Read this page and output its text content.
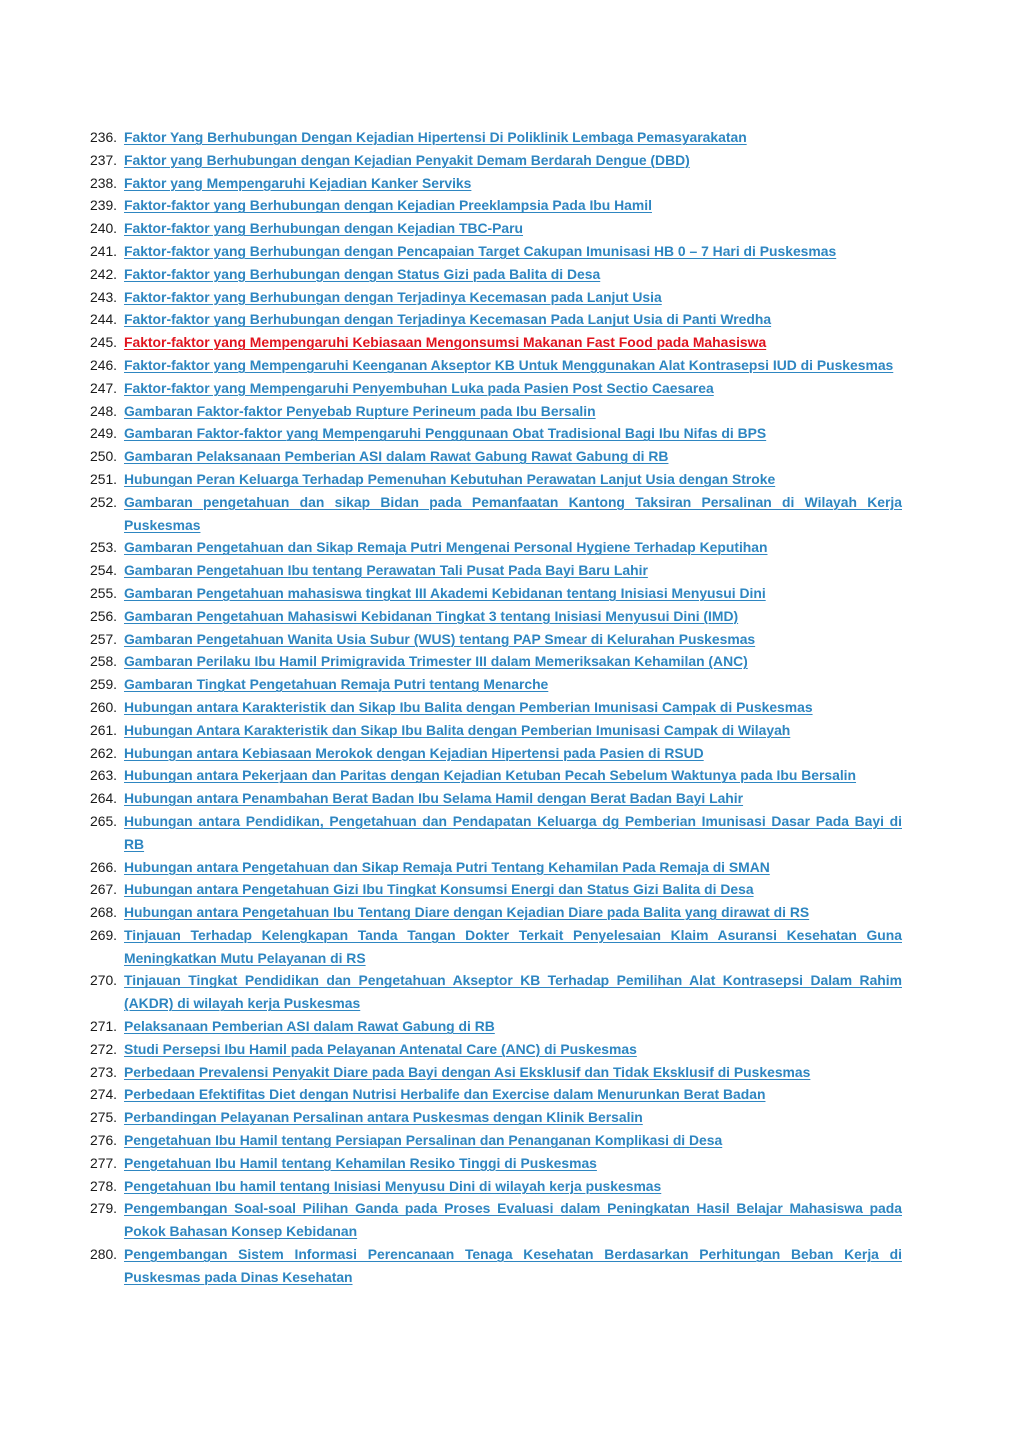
236. Faktor Yang Berhubungan Dengan Kejadian Hipertensi Di Poliklinik Lembaga Pemasyarakatan
237. Faktor yang Berhubungan dengan Kejadian Penyakit Demam Berdarah Dengue (DBD)
238. Faktor yang Mempengaruhi Kejadian Kanker Serviks
239. Faktor-faktor yang Berhubungan dengan Kejadian Preeklampsia Pada Ibu Hamil
240. Faktor-faktor yang Berhubungan dengan Kejadian TBC-Paru
241. Faktor-faktor yang Berhubungan dengan Pencapaian Target Cakupan Imunisasi HB 0 – 7 Hari di Puskesmas
242. Faktor-faktor yang Berhubungan dengan Status Gizi pada Balita di Desa
243. Faktor-faktor yang Berhubungan dengan Terjadinya Kecemasan pada Lanjut Usia
244. Faktor-faktor yang Berhubungan dengan Terjadinya Kecemasan Pada Lanjut Usia di Panti Wredha
245. Faktor-faktor yang Mempengaruhi Kebiasaan Mengonsumsi Makanan Fast Food pada Mahasiswa
246. Faktor-faktor yang Mempengaruhi Keenganan Akseptor KB Untuk Menggunakan Alat Kontrasepsi IUD di Puskesmas
247. Faktor-faktor yang Mempengaruhi Penyembuhan Luka pada Pasien Post Sectio Caesarea
248. Gambaran Faktor-faktor Penyebab Rupture Perineum pada Ibu Bersalin
249. Gambaran Faktor-faktor yang Mempengaruhi Penggunaan Obat Tradisional Bagi Ibu Nifas di BPS
250. Gambaran Pelaksanaan Pemberian ASI dalam Rawat Gabung Rawat Gabung di RB
251. Hubungan Peran Keluarga Terhadap Pemenuhan Kebutuhan Perawatan Lanjut Usia dengan Stroke
252. Gambaran pengetahuan dan sikap Bidan pada Pemanfaatan Kantong Taksiran Persalinan di Wilayah Kerja Puskesmas
253. Gambaran Pengetahuan dan Sikap Remaja Putri Mengenai Personal Hygiene Terhadap Keputihan
254. Gambaran Pengetahuan Ibu tentang Perawatan Tali Pusat Pada Bayi Baru Lahir
255. Gambaran Pengetahuan mahasiswa tingkat III Akademi Kebidanan tentang Inisiasi Menyusui Dini
256. Gambaran Pengetahuan Mahasiswi Kebidanan Tingkat 3 tentang Inisiasi Menyusui Dini (IMD)
257. Gambaran Pengetahuan Wanita Usia Subur (WUS) tentang PAP Smear di Kelurahan Puskesmas
258. Gambaran Perilaku Ibu Hamil Primigravida Trimester III dalam Memeriksakan Kehamilan (ANC)
259. Gambaran Tingkat Pengetahuan Remaja Putri tentang Menarche
260. Hubungan antara Karakteristik dan Sikap Ibu Balita dengan Pemberian Imunisasi Campak di Puskesmas
261. Hubungan Antara Karakteristik dan Sikap Ibu Balita dengan Pemberian Imunisasi Campak di Wilayah
262. Hubungan antara Kebiasaan Merokok dengan Kejadian Hipertensi pada Pasien di RSUD
263. Hubungan antara Pekerjaan dan Paritas dengan Kejadian Ketuban Pecah Sebelum Waktunya pada Ibu Bersalin
264. Hubungan antara Penambahan Berat Badan Ibu Selama Hamil dengan Berat Badan Bayi Lahir
265. Hubungan antara Pendidikan, Pengetahuan dan Pendapatan Keluarga dg Pemberian Imunisasi Dasar Pada Bayi di RB
266. Hubungan antara Pengetahuan dan Sikap Remaja Putri Tentang Kehamilan Pada Remaja di SMAN
267. Hubungan antara Pengetahuan Gizi Ibu Tingkat Konsumsi Energi dan Status Gizi Balita di Desa
268. Hubungan antara Pengetahuan Ibu Tentang Diare dengan Kejadian Diare pada Balita yang dirawat di RS
269. Tinjauan Terhadap Kelengkapan Tanda Tangan Dokter Terkait Penyelesaian Klaim Asuransi Kesehatan Guna Meningkatkan Mutu Pelayanan di RS
270. Tinjauan Tingkat Pendidikan dan Pengetahuan Akseptor KB Terhadap Pemilihan Alat Kontrasepsi Dalam Rahim (AKDR) di wilayah kerja Puskesmas
271. Pelaksanaan Pemberian ASI dalam Rawat Gabung di RB
272. Studi Persepsi Ibu Hamil pada Pelayanan Antenatal Care (ANC) di Puskesmas
273. Perbedaan Prevalensi Penyakit Diare pada Bayi dengan Asi Eksklusif dan Tidak Eksklusif di Puskesmas
274. Perbedaan Efektifitas Diet dengan Nutrisi Herbalife dan Exercise dalam Menurunkan Berat Badan
275. Perbandingan Pelayanan Persalinan antara Puskesmas dengan Klinik Bersalin
276. Pengetahuan Ibu Hamil tentang Persiapan Persalinan dan Penanganan Komplikasi di Desa
277. Pengetahuan Ibu Hamil tentang Kehamilan Resiko Tinggi di Puskesmas
278. Pengetahuan Ibu hamil tentang Inisiasi Menyusu Dini di wilayah kerja puskesmas
279. Pengembangan Soal-soal Pilihan Ganda pada Proses Evaluasi dalam Peningkatan Hasil Belajar Mahasiswa pada Pokok Bahasan Konsep Kebidanan
280. Pengembangan Sistem Informasi Perencanaan Tenaga Kesehatan Berdasarkan Perhitungan Beban Kerja di Puskesmas pada Dinas Kesehatan
